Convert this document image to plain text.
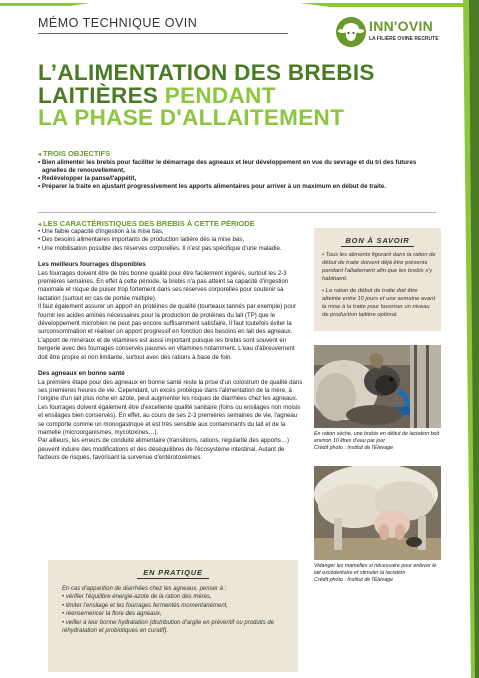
MÉMO TECHNIQUE OVIN	INN'OVIN
LA FILIÈRE OVINE RECRUTE
L’ALIMENTATION DES BREBIS
LAITIÈRES PENDANT
LA PHASE D'ALLAITEMENT
◂ TROIS OBJECTIFS
• Bien alimenter les brebis pour faciliter le démarrage des agneaux et leur développement en vue du sevrage et du tri des futures agnelles de renouvellement,
• Redévelopper la panse/l'appétit,
• Préparer la traite en ajustant progressivement les apports alimentaires pour arriver à un maximum en début de traite.
◂ LES CARACTÉRISTIQUES DES BREBIS À CETTE PÉRIODE
• Une faible capacité d'ingestion à la mise bas,
• Des besoins alimentaires importants de production laitière dès la mise bas,
• Une mobilisation possible des réserves corporelles. Il n'est pas spécifique d'une maladie.
Les meilleurs fourrages disponibles
Les fourrages doivent être de très bonne qualité pour être facilement ingérés, surtout les 2-3 premières semaines. En effet à cette période, la brebis n'a pas atteint sa capacité d'ingestion maximale et risque de puiser trop fortement dans ses réserves corporelles pour soutenir sa lactation (surtout en cas de portée multiple).
Il faut également assurer un apport en protéines de qualité (tourteaux tannés par exemple) pour fournir les acides aminés nécessaires pour la production de protéines du lait (TP) que le développement microbien ne peut pas encore suffisamment satisfaire. Il faut toutefois éviter la surconsommation et réaliser un apport progressif en fonction des besoins en lait des agneaux.
L'apport de minéraux et de vitamines est aussi important puisque les brebis sont souvent en bergerie avec des fourrages conservés pauvres en vitamines notamment. L'eau d'abreuvement doit être propre et non limitante, surtout avec des rations à base de foin.
Des agneaux en bonne santé
La première étape pour des agneaux en bonne santé reste la prise d'un colostrum de qualité dans ses premières heures de vie. Cependant, un excès protéique dans l'alimentation de la mère, à l'origine d'un lait plus riche en azote, peut augmenter les risques de diarrhées chez les agneaux. Les fourrages doivent également être d'excellente qualité sanitaire (foins ou ensilages non moisis et ensilages bien conservés). En effet, au cours de ses 2-3 premières semaines de vie, l'agneau se comporte comme un monogastrique et est très sensible aux contaminants du lait et de la mamelle (microorganismes, mycotoxines…).
Par ailleurs, les erreurs de conduite alimentaire (transitions, rations, régularité des apports…) peuvent induire des modifications et des déséquilibres de l'écosystème intestinal. Autant de facteurs de risques, favorisant la survenue d'entérotoxémies.
EN PRATIQUE
En cas d'apparition de diarrhées chez les agneaux, penser à :
• vérifier l'équilibre énergie-azote de la ration des mères,
• limiter l'ensilage et les fourrages fermentés momentanément,
• réensemencer la flore des agneaux,
• veiller à leur bonne hydratation (distribution d'argile en préventif ou produits de réhydratation et probiotiques en curatif).
BON À SAVOIR

• Tous les aliments figurant dans la ration de début de traite doivent déjà être présents pendant l'allaitement afin que les brebis s'y habituent.

• La ration de début de traite doit être atteinte entre 10 jours et une semaine avant la mise à la traite pour favoriser un niveau de production laitière optimal.

En ration sèche, une brebis en début de lactation boit environ 10 litres d'eau par jour
Crédit photo : Institut de l'Élevage
Vidanger les mamelles si nécessaire pour enlever le lait excédentaire et stimuler la lactation
Crédit photo : Institut de l'Élevage
